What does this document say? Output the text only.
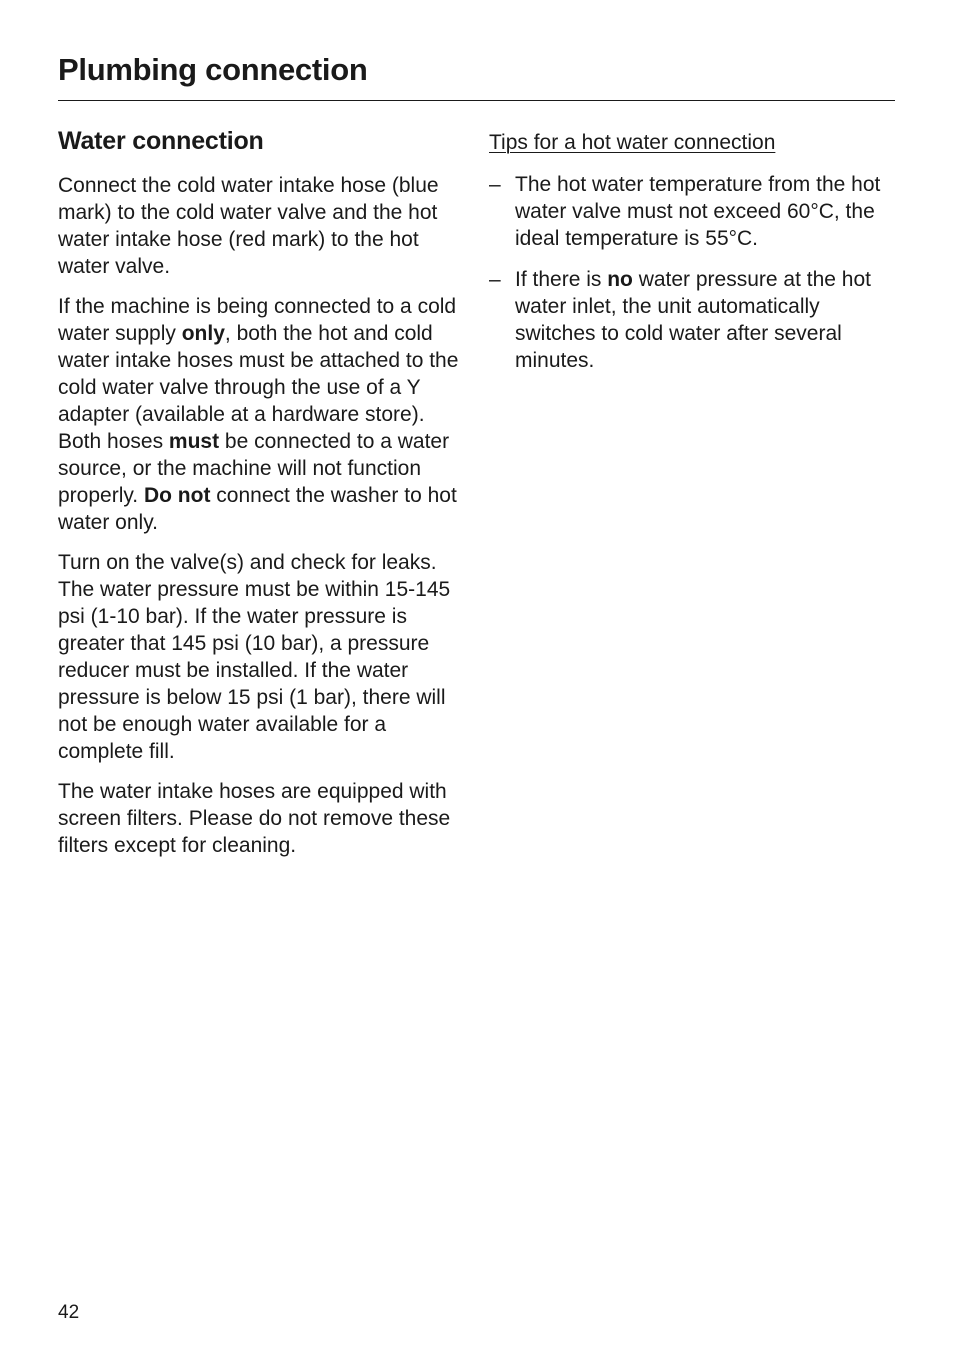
Plumbing connection
Water connection

Connect the cold water intake hose (blue mark) to the cold water valve and the hot water intake hose (red mark) to the hot water valve.

If the machine is being connected to a cold water supply only, both the hot and cold water intake hoses must be attached to the cold water valve through the use of a Y adapter (available at a hardware store). Both hoses must be connected to a water source, or the machine will not function properly. Do not connect the washer to hot water only.

Turn on the valve(s) and check for leaks. The water pressure must be within 15-145 psi (1-10 bar). If the water pressure is greater that 145 psi (10 bar), a pressure reducer must be installed. If the water pressure is below 15 psi (1 bar), there will not be enough water available for a complete fill.

The water intake hoses are equipped with screen filters. Please do not remove these filters except for cleaning.

Tips for a hot water connection
– The hot water temperature from the hot water valve must not exceed 60°C, the ideal temperature is 55°C.
– If there is no water pressure at the hot water inlet, the unit automatically switches to cold water after several minutes.
42
